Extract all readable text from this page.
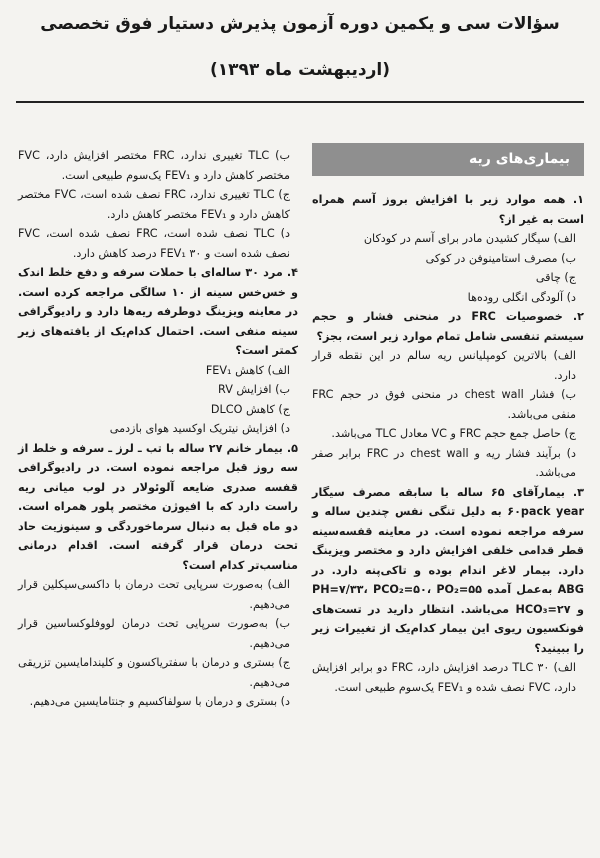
سؤالات سی و یکمین دوره آزمون پذیرش دستیار فوق تخصصی
(اردیبهشت ماه ۱۳۹۳)
بیماری‌های ریه

۱. همه موارد زیر با افزایش بروز آسم همراه است به غیر از؟

الف) سیگار کشیدن مادر برای آسم در کودکان

ب) مصرف استامینوفن در کوکی

ج) چاقی

د) آلودگی انگلی روده‌ها

۲. خصوصیات FRC در منحنی فشار و حجم سیستم تنفسی شامل تمام موارد زیر است، بجز؟

الف) بالاترین کومپلیانس ریه سالم در این نقطه قرار دارد.

ب) فشار chest wall در منحنی فوق در حجم FRC منفی می‌باشد.

ج) حاصل جمع حجم FRC و VC معادل TLC می‌باشد.

د) برآیند فشار ریه و chest wall در FRC برابر صفر می‌باشد.

۳. بیمارآقای ۶۵ ساله با سابقه مصرف سیگار ۶۰pack year به دلیل تنگی نفس چندین ساله و سرفه مراجعه نموده است. در معاینه قفسه‌سینه قطر قدامی خلفی افزایش دارد و مختصر ویزینگ دارد. بیمار لاغر اندام بوده و تاکی‌پنه دارد. در ABG به‌عمل آمده PH=۷/۳۳، PCO₂=۵۰، PO₂=۵۵ و HCO₃=۲۷ می‌باشد. انتظار دارید در تست‌های فونکسیون ریوی این بیمار کدام‌یک از تغییرات زیر را ببینید؟

الف) TLC ۳۰ درصد افزایش دارد، FRC دو برابر افزایش دارد، FVC نصف شده و FEV₁ یک‌سوم طبیعی است.

ب) TLC تغییری ندارد، FRC مختصر افزایش دارد، FVC مختصر کاهش دارد و FEV₁ یک‌سوم طبیعی است.

ج) TLC تغییری ندارد، FRC نصف شده است، FVC مختصر کاهش دارد و FEV₁ مختصر کاهش دارد.

د) TLC نصف شده است، FRC نصف شده است، FVC نصف شده است و FEV₁ ۳۰ درصد کاهش دارد.

۴. مرد ۳۰ ساله‌ای با حملات سرفه و دفع خلط اندک و خس‌خس سینه از ۱۰ سالگی مراجعه کرده است. در معاینه ویزینگ دوطرفه ریه‌ها دارد و رادیوگرافی سینه منفی است. احتمال کدام‌یک از یافته‌های زیر کمتر است؟

الف) کاهش FEV₁

ب) افزایش RV

ج) کاهش DLCO

د) افزایش نیتریک اوکسید هوای بازدمی

۵. بیمار خانم ۲۷ ساله با تب ـ لرز ـ سرفه و خلط از سه روز قبل مراجعه نموده است. در رادیوگرافی قفسه صدری ضایعه آلوئولار در لوب میانی ریه راست دارد که با افیوژن مختصر پلور همراه است. دو ماه قبل به دنبال سرماخوردگی و سینوزیت حاد تحت درمان قرار گرفته است. اقدام درمانی مناسب‌تر کدام است؟

الف) به‌صورت سرپایی تحت درمان با داکسی‌سیکلین قرار می‌دهیم.

ب) به‌صورت سرپایی تحت درمان لووفلوکساسین قرار می‌دهیم.

ج) بستری و درمان با سفتریاکسون و کلیندامایسین تزریقی می‌دهیم.

د) بستری و درمان با سولفاکسیم و جنتامایسین می‌دهیم.
